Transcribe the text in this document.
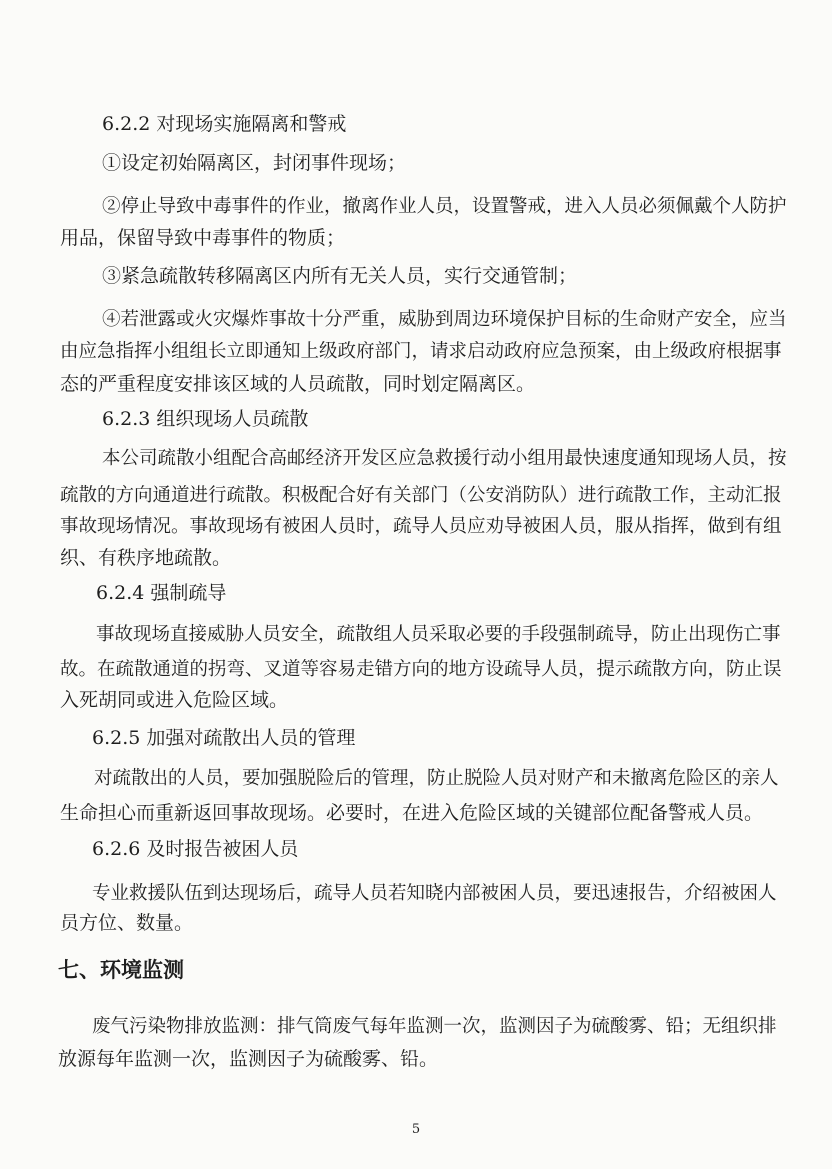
6.2.2 对现场实施隔离和警戒
①设定初始隔离区，封闭事件现场；
②停止导致中毒事件的作业，撤离作业人员，设置警戒，进入人员必须佩戴个人防护
用品，保留导致中毒事件的物质；
③紧急疏散转移隔离区内所有无关人员，实行交通管制；
④若泄露或火灾爆炸事故十分严重，威胁到周边环境保护目标的生命财产安全，应当
由应急指挥小组组长立即通知上级政府部门，请求启动政府应急预案，由上级政府根据事
态的严重程度安排该区域的人员疏散，同时划定隔离区。
6.2.3 组织现场人员疏散
本公司疏散小组配合高邮经济开发区应急救援行动小组用最快速度通知现场人员，按
疏散的方向通道进行疏散。积极配合好有关部门（公安消防队）进行疏散工作，主动汇报
事故现场情况。事故现场有被困人员时，疏导人员应劝导被困人员，服从指挥，做到有组
织、有秩序地疏散。
6.2.4 强制疏导
事故现场直接威胁人员安全，疏散组人员采取必要的手段强制疏导，防止出现伤亡事
故。在疏散通道的拐弯、叉道等容易走错方向的地方设疏导人员，提示疏散方向，防止误
入死胡同或进入危险区域。
6.2.5 加强对疏散出人员的管理
对疏散出的人员，要加强脱险后的管理，防止脱险人员对财产和未撤离危险区的亲人
生命担心而重新返回事故现场。必要时，在进入危险区域的关键部位配备警戒人员。
6.2.6 及时报告被困人员
专业救援队伍到达现场后，疏导人员若知晓内部被困人员，要迅速报告，介绍被困人
员方位、数量。
七、环境监测
废气污染物排放监测：排气筒废气每年监测一次，监测因子为硫酸雾、铅；无组织排
放源每年监测一次，监测因子为硫酸雾、铅。
5
